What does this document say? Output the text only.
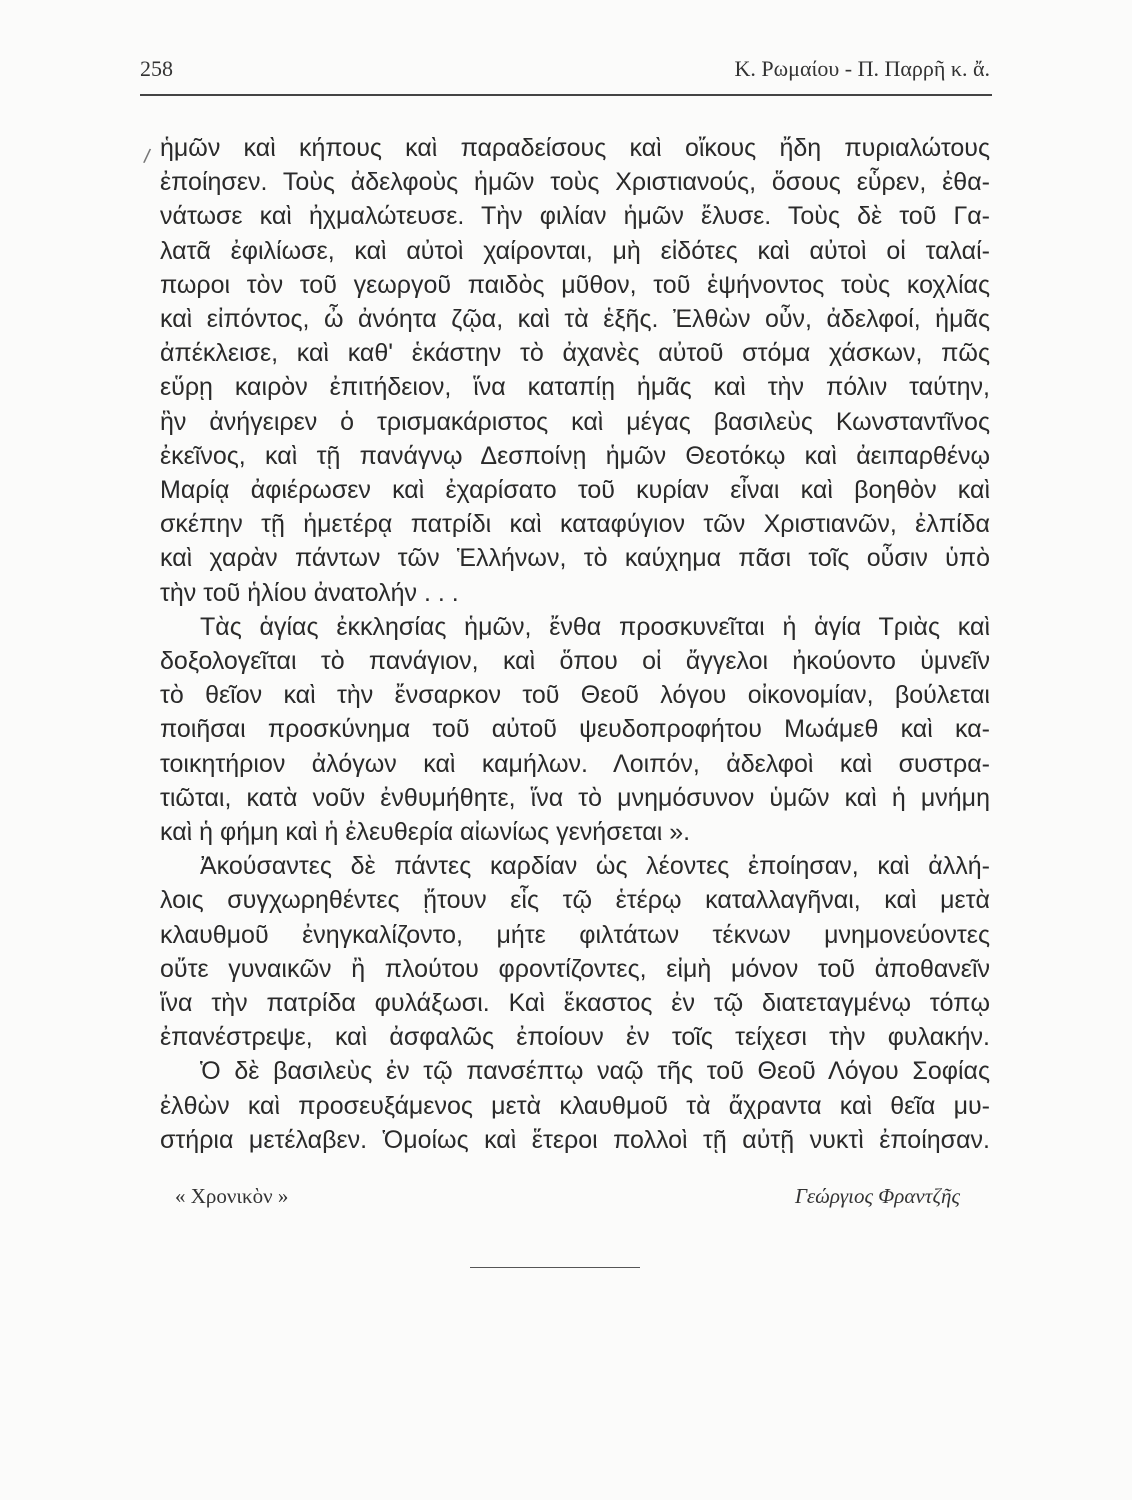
258	Κ. Ρωμαίου - Π. Παρρῆ κ. ἄ.
/ ἡμῶν καὶ κήπους καὶ παραδείσους καὶ οἴκους ἤδη πυριαλώτους
ἐποίησεν. Τοὺς ἀδελφοὺς ἡμῶν τοὺς Χριστιανούς, ὅσους εὗρεν, ἐθα-
νάτωσε καὶ ἠχμαλώτευσε. Τὴν φιλίαν ἡμῶν ἔλυσε. Τοὺς δὲ τοῦ Γα-
λατᾶ ἐφιλίωσε, καὶ αὐτοὶ χαίρονται, μὴ εἰδότες καὶ αὐτοὶ οἱ ταλαί-
πωροι τὸν τοῦ γεωργοῦ παιδὸς μῦθον, τοῦ ἑψήνοντος τοὺς κοχλίας
καὶ εἰπόντος, ὦ ἀνόητα ζῷα, καὶ τὰ ἑξῆς. Ἐλθὼν οὖν, ἀδελφοί, ἡμᾶς
ἀπέκλεισε, καὶ καθ' ἑκάστην τὸ ἀχανὲς αὐτοῦ στόμα χάσκων, πῶς
εὕρῃ καιρὸν ἐπιτήδειον, ἵνα καταπίῃ ἡμᾶς καὶ τὴν πόλιν ταύτην,
ἣν ἀνήγειρεν ὁ τρισμακάριστος καὶ μέγας βασιλεὺς Κωνσταντῖνος
ἐκεῖνος, καὶ τῇ πανάγνῳ Δεσποίνῃ ἡμῶν Θεοτόκῳ καὶ ἀειπαρθένῳ
Μαρίᾳ ἀφιέρωσεν καὶ ἐχαρίσατο τοῦ κυρίαν εἶναι καὶ βοηθὸν καὶ
σκέπην τῇ ἡμετέρᾳ πατρίδι καὶ καταφύγιον τῶν Χριστιανῶν, ἐλπίδα
καὶ χαρὰν πάντων τῶν Ἑλλήνων, τὸ καύχημα πᾶσι τοῖς οὖσιν ὑπὸ
τὴν τοῦ ἡλίου ἀνατολήν . . .
Τὰς ἁγίας ἐκκλησίας ἡμῶν, ἔνθα προσκυνεῖται ἡ ἁγία Τριὰς καὶ
δοξολογεῖται τὸ πανάγιον, καὶ ὅπου οἱ ἄγγελοι ἠκούοντο ὑμνεῖν
τὸ θεῖον καὶ τὴν ἔνσαρκον τοῦ Θεοῦ λόγου οἰκονομίαν, βούλεται
ποιῆσαι προσκύνημα τοῦ αὐτοῦ ψευδοπροφήτου Μωάμεθ καὶ κα-
τοικητήριον ἀλόγων καὶ καμήλων. Λοιπόν, ἀδελφοὶ καὶ συστρα-
τιῶται, κατὰ νοῦν ἐνθυμήθητε, ἵνα τὸ μνημόσυνον ὑμῶν καὶ ἡ μνήμη
καὶ ἡ φήμη καὶ ἡ ἐλευθερία αἰωνίως γενήσεται ».
Ἀκούσαντες δὲ πάντες καρδίαν ὡς λέοντες ἐποίησαν, καὶ ἀλλή-
λοις συγχωρηθέντες ᾔτουν εἷς τῷ ἑτέρῳ καταλλαγῆναι, καὶ μετὰ
κλαυθμοῦ ἐνηγκαλίζοντο, μήτε φιλτάτων τέκνων μνημονεύοντες
οὔτε γυναικῶν ἢ πλούτου φροντίζοντες, εἰμὴ μόνον τοῦ ἀποθανεῖν
ἵνα τὴν πατρίδα φυλάξωσι. Καὶ ἕκαστος ἐν τῷ διατεταγμένῳ τόπῳ
ἐπανέστρεψε, καὶ ἀσφαλῶς ἐποίουν ἐν τοῖς τείχεσι τὴν φυλακήν.
Ὁ δὲ βασιλεὺς ἐν τῷ πανσέπτῳ ναῷ τῆς τοῦ Θεοῦ Λόγου Σοφίας
ἐλθὼν καὶ προσευξάμενος μετὰ κλαυθμοῦ τὰ ἄχραντα καὶ θεῖα μυ-
στήρια μετέλαβεν. Ὁμοίως καὶ ἕτεροι πολλοὶ τῇ αὐτῇ νυκτὶ ἐποίησαν.
« Χρονικὸν »	Γεώργιος Φραντζῆς
